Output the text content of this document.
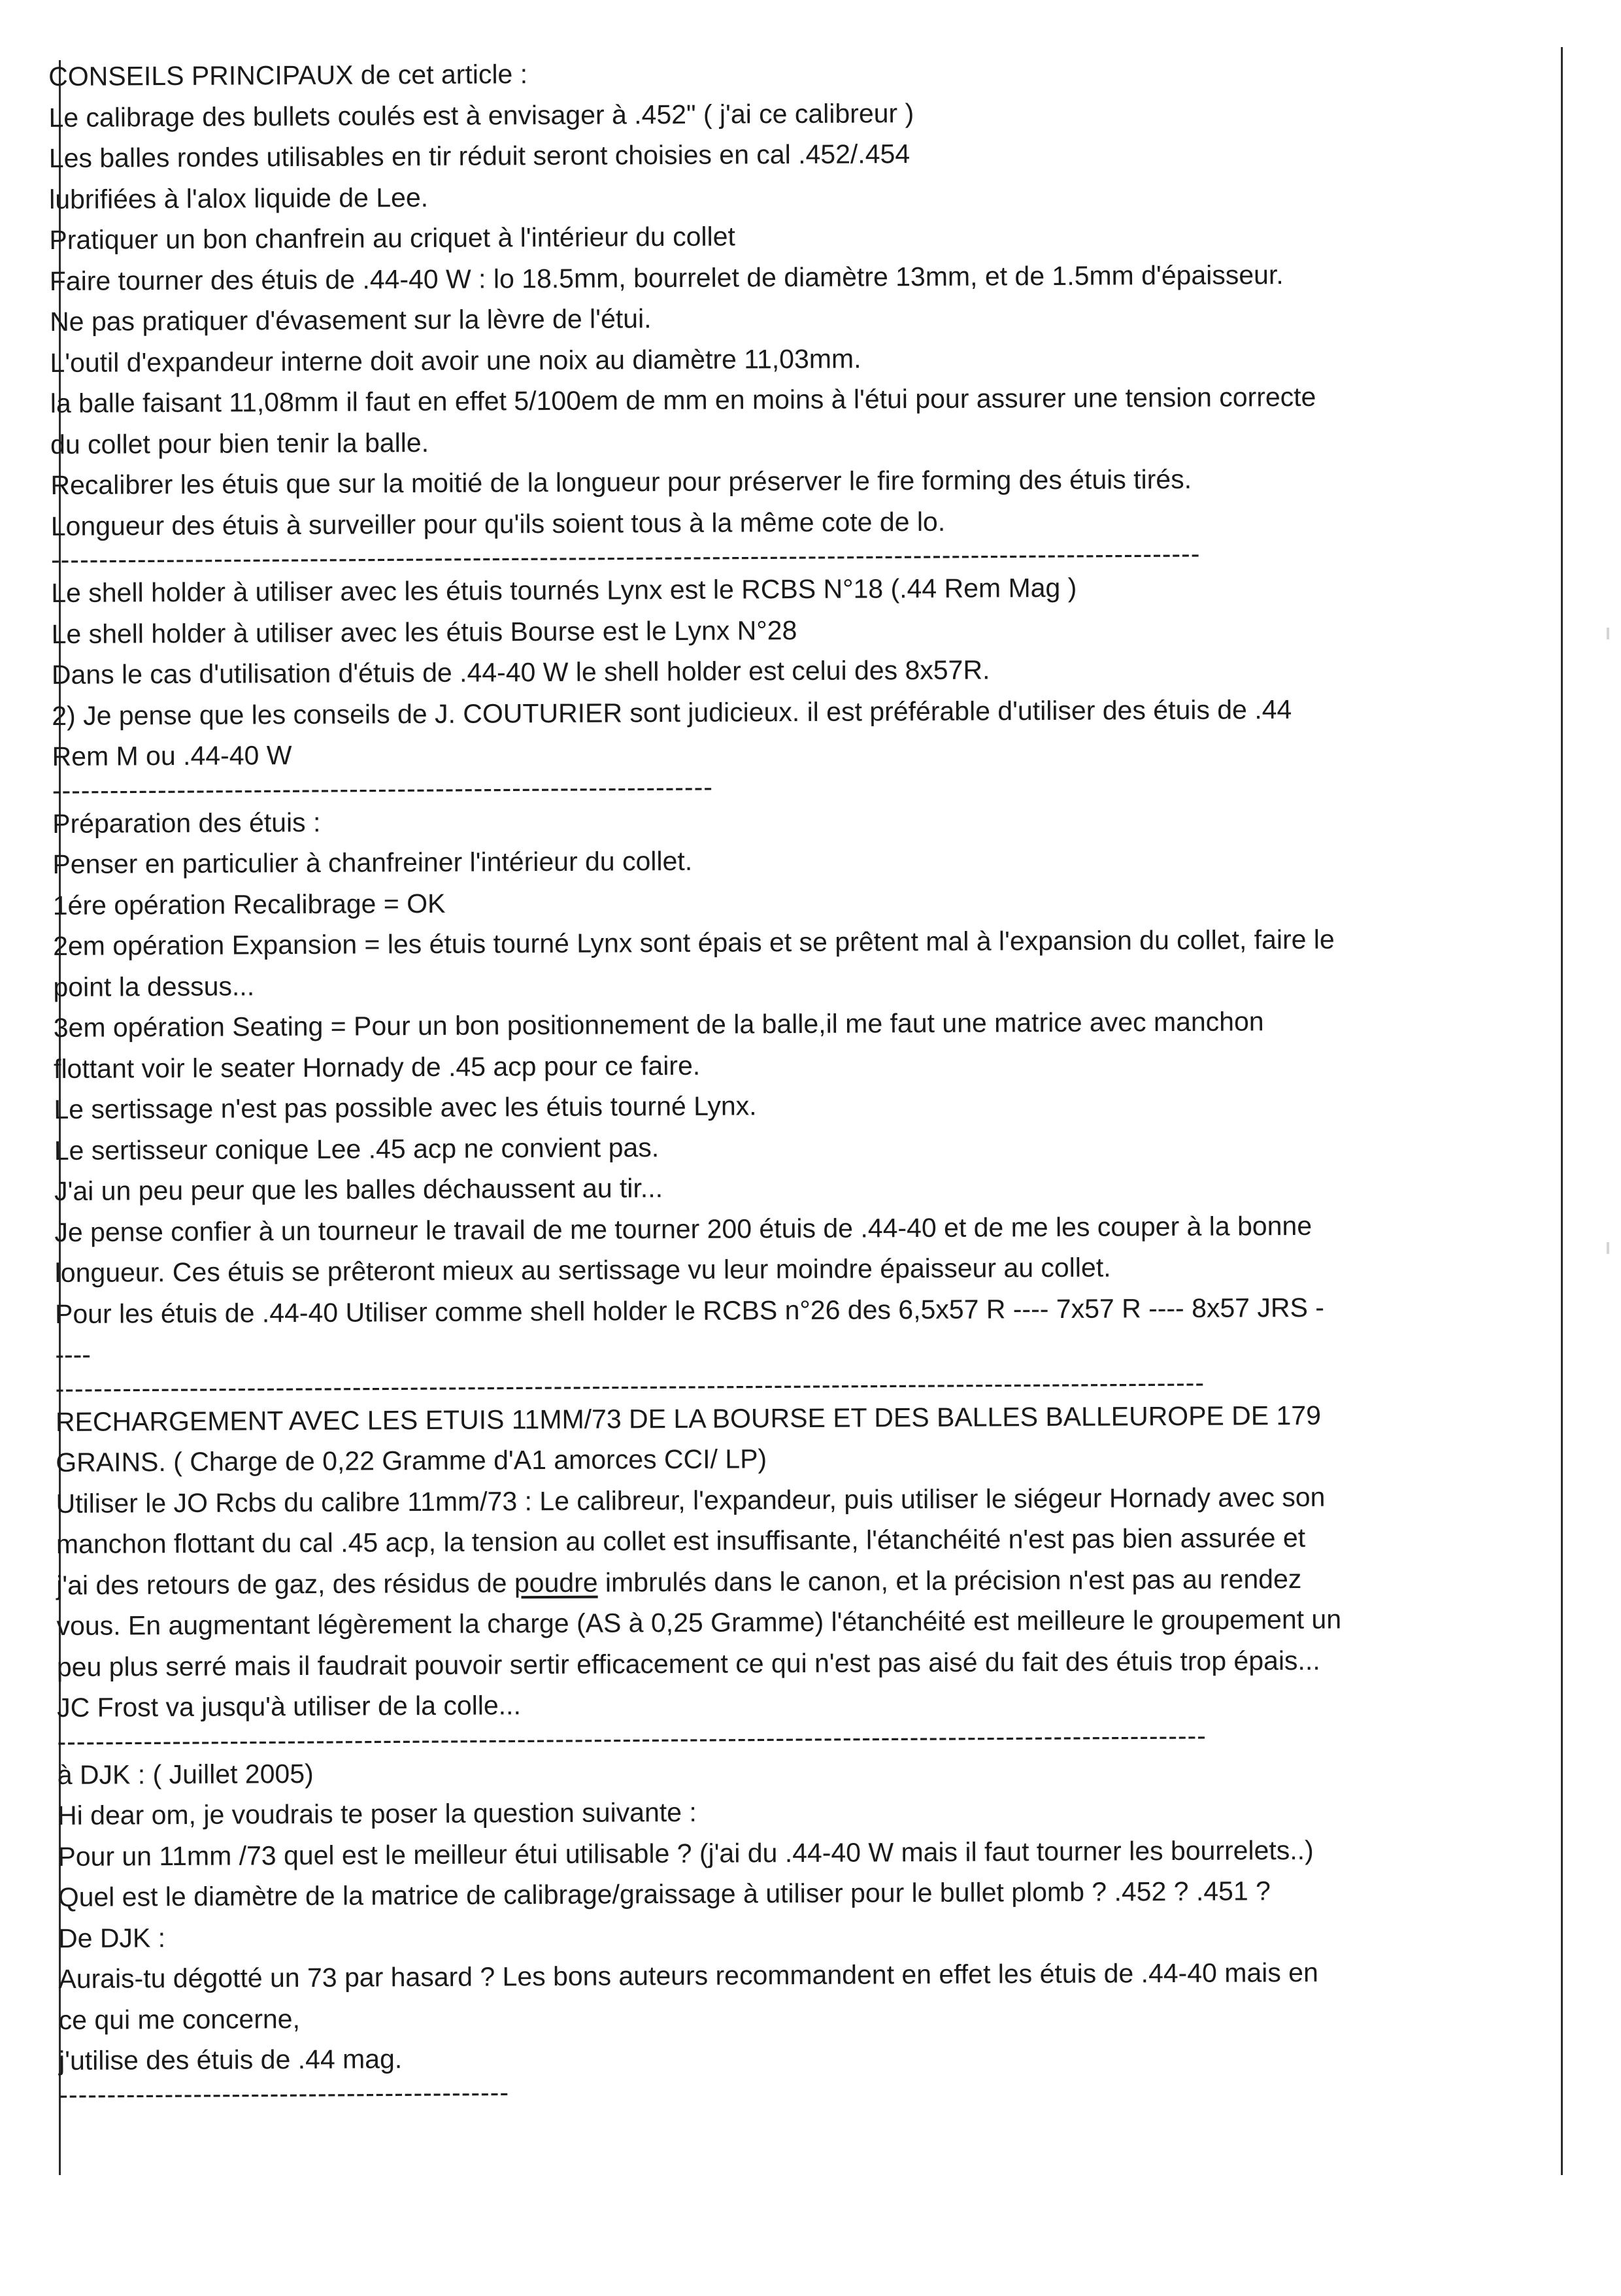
CONSEILS PRINCIPAUX de cet article :
Le calibrage des bullets coulés est à envisager à .452" ( j'ai ce calibreur )
Les balles rondes utilisables en tir réduit seront choisies en cal .452/.454
lubrifiées à l'alox liquide de Lee.
Pratiquer un bon chanfrein au criquet à l'intérieur du collet
Faire tourner des étuis de .44-40 W : lo 18.5mm, bourrelet de diamètre 13mm, et de 1.5mm d'épaisseur.
Ne pas pratiquer d'évasement sur la lèvre de l'étui.
L'outil d'expandeur interne doit avoir une noix au diamètre 11,03mm.
la balle faisant 11,08mm il faut en effet 5/100em de mm en moins à l'étui pour assurer une tension correcte
du collet pour bien tenir la balle.
Recalibrer les étuis que sur la moitié de la longueur pour préserver le fire forming des étuis tirés.
Longueur des étuis à surveiller pour qu'ils soient tous à la même cote de lo.
------------------------------------------------------------------------------------------------------------------------
Le shell holder à utiliser avec les étuis tournés Lynx est le RCBS N°18 (.44 Rem Mag )
Le shell holder à utiliser avec les étuis Bourse est le Lynx N°28
Dans le cas d'utilisation d'étuis de .44-40 W le shell holder est celui des 8x57R.
2) Je pense que les conseils de J. COUTURIER sont judicieux. il est préférable d'utiliser des étuis de .44
Rem M ou .44-40 W
---------------------------------------------------------------------
Préparation des étuis :
Penser en particulier à chanfreiner l'intérieur du collet.
1ére opération Recalibrage = OK
2em opération Expansion = les étuis tourné Lynx sont épais et se prêtent mal à l'expansion du collet, faire le
point la dessus...
3em opération Seating = Pour un bon positionnement de la balle,il me faut une matrice avec manchon
flottant voir le seater Hornady de .45 acp pour ce faire.
Le sertissage n'est pas possible avec les étuis tourné Lynx.
Le sertisseur conique Lee .45 acp ne convient pas.
J'ai un peu peur que les balles déchaussent au tir...
Je pense confier à un tourneur le travail de me tourner 200 étuis de .44-40 et de me les couper à la bonne
longueur. Ces étuis se prêteront mieux au sertissage vu leur moindre épaisseur au collet.
Pour les étuis de .44-40 Utiliser comme shell holder le RCBS n°26 des 6,5x57 R ---- 7x57 R ---- 8x57 JRS -
----
------------------------------------------------------------------------------------------------------------------------
RECHARGEMENT AVEC LES ETUIS 11MM/73 DE LA BOURSE ET DES BALLES BALLEUROPE DE 179
GRAINS. ( Charge de 0,22 Gramme d'A1 amorces CCI/ LP)
Utiliser le JO Rcbs du calibre 11mm/73 : Le calibreur, l'expandeur, puis utiliser le siégeur Hornady avec son
manchon flottant du cal .45 acp, la tension au collet est insuffisante, l'étanchéité n'est pas bien assurée et
j'ai des retours de gaz, des résidus de poudre imbrulés dans le canon, et la précision n'est pas au rendez
vous. En augmentant légèrement la charge (AS à 0,25 Gramme) l'étanchéité est meilleure le groupement un
peu plus serré mais il faudrait pouvoir sertir efficacement ce qui n'est pas aisé du fait des étuis trop épais...
JC Frost va jusqu'à utiliser de la colle...
------------------------------------------------------------------------------------------------------------------------
à DJK : ( Juillet 2005)
Hi dear om, je voudrais te poser la question suivante :
Pour un 11mm /73 quel est le meilleur étui utilisable ? (j'ai du .44-40 W mais il faut tourner les bourrelets..)
Quel est le diamètre de la matrice de calibrage/graissage à utiliser pour le bullet plomb ? .452 ? .451 ?
De DJK :
Aurais-tu dégotté un 73 par hasard ? Les bons auteurs recommandent en effet les étuis de .44-40 mais en
ce qui me concerne,
j'utilise des étuis de .44 mag.
-----------------------------------------------
